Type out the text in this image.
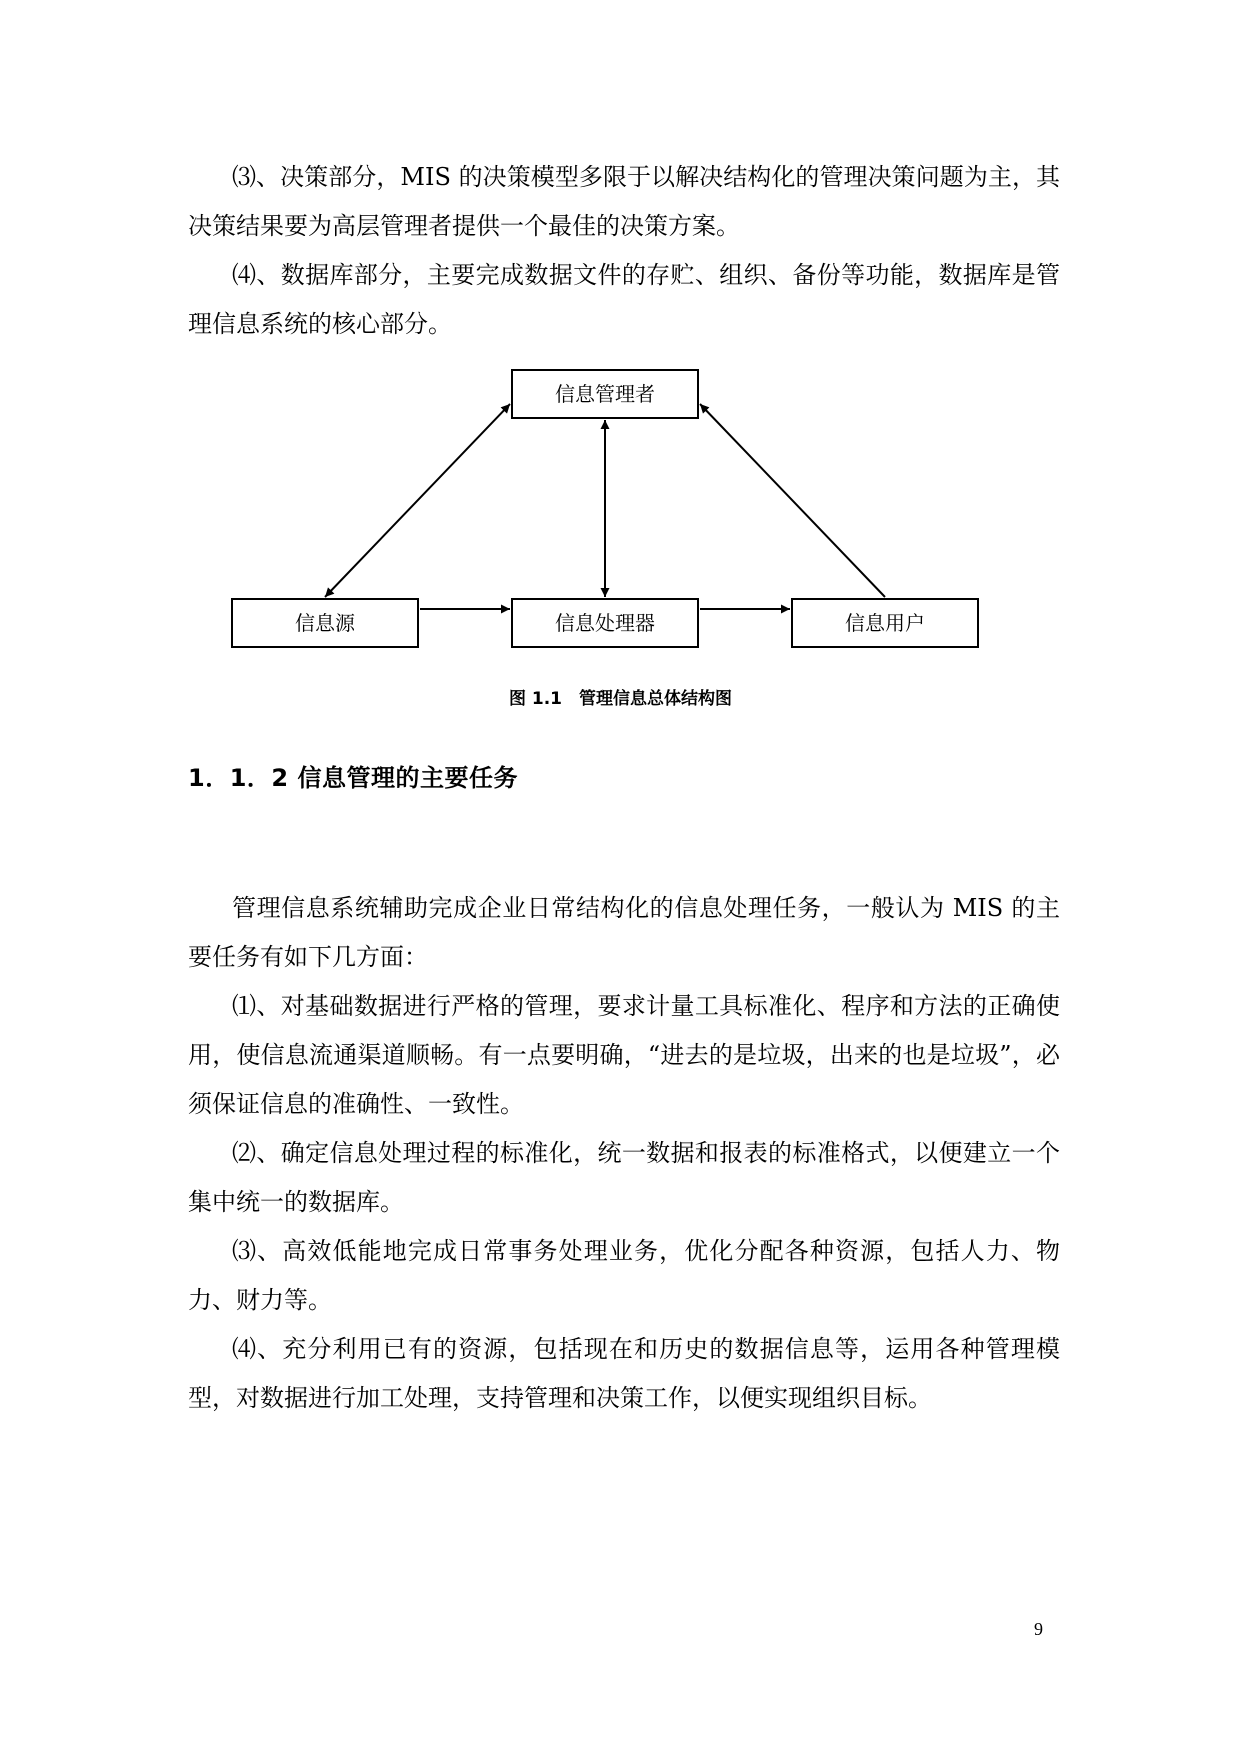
⑶、决策部分，MIS 的决策模型多限于以解决结构化的管理决策问题为主，其决策结果要为高层管理者提供一个最佳的决策方案。

⑷、数据库部分，主要完成数据文件的存贮、组织、备份等功能，数据库是管理信息系统的核心部分。

信息管理者
信息源	信息处理器	信息用户
图 1.1　管理信息总体结构图
1．1．2 信息管理的主要任务

管理信息系统辅助完成企业日常结构化的信息处理任务，一般认为 MIS 的主要任务有如下几方面：

⑴、对基础数据进行严格的管理，要求计量工具标准化、程序和方法的正确使用，使信息流通渠道顺畅。有一点要明确，“进去的是垃圾，出来的也是垃圾”，必须保证信息的准确性、一致性。

⑵、确定信息处理过程的标准化，统一数据和报表的标准格式，以便建立一个集中统一的数据库。

⑶、高效低能地完成日常事务处理业务，优化分配各种资源，包括人力、物力、财力等。

⑷、充分利用已有的资源，包括现在和历史的数据信息等，运用各种管理模型，对数据进行加工处理，支持管理和决策工作，以便实现组织目标。

9
